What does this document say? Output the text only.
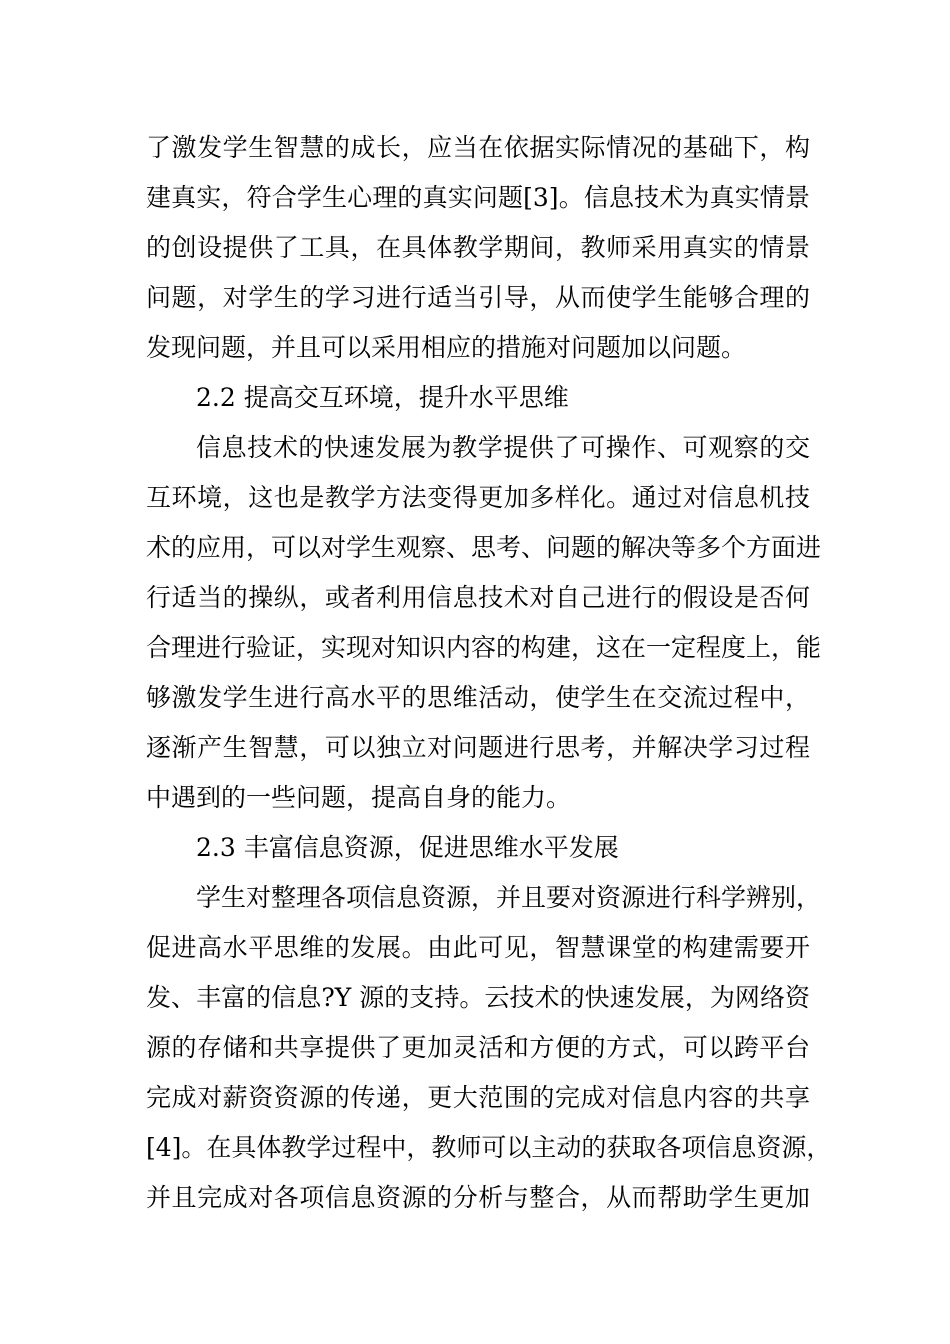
了激发学生智慧的成长，应当在依据实际情况的基础下，构
建真实，符合学生心理的真实问题[3]。信息技术为真实情景
的创设提供了工具，在具体教学期间，教师采用真实的情景
问题，对学生的学习进行适当引导，从而使学生能够合理的
发现问题，并且可以采用相应的措施对问题加以问题。
2.2 提高交互环境，提升水平思维
信息技术的快速发展为教学提供了可操作、可观察的交
互环境，这也是教学方法变得更加多样化。通过对信息机技
术的应用，可以对学生观察、思考、问题的解决等多个方面进
行适当的操纵，或者利用信息技术对自己进行的假设是否何
合理进行验证，实现对知识内容的构建，这在一定程度上，能
够激发学生进行高水平的思维活动，使学生在交流过程中，
逐渐产生智慧，可以独立对问题进行思考，并解决学习过程
中遇到的一些问题，提高自身的能力。
2.3 丰富信息资源，促进思维水平发展
学生对整理各项信息资源，并且要对资源进行科学辨别，
促进高水平思维的发展。由此可见，智慧课堂的构建需要开
发、丰富的信息?Y 源的支持。云技术的快速发展，为网络资
源的存储和共享提供了更加灵活和方便的方式，可以跨平台
完成对薪资资源的传递，更大范围的完成对信息内容的共享
[4]。在具体教学过程中，教师可以主动的获取各项信息资源，
并且完成对各项信息资源的分析与整合，从而帮助学生更加
